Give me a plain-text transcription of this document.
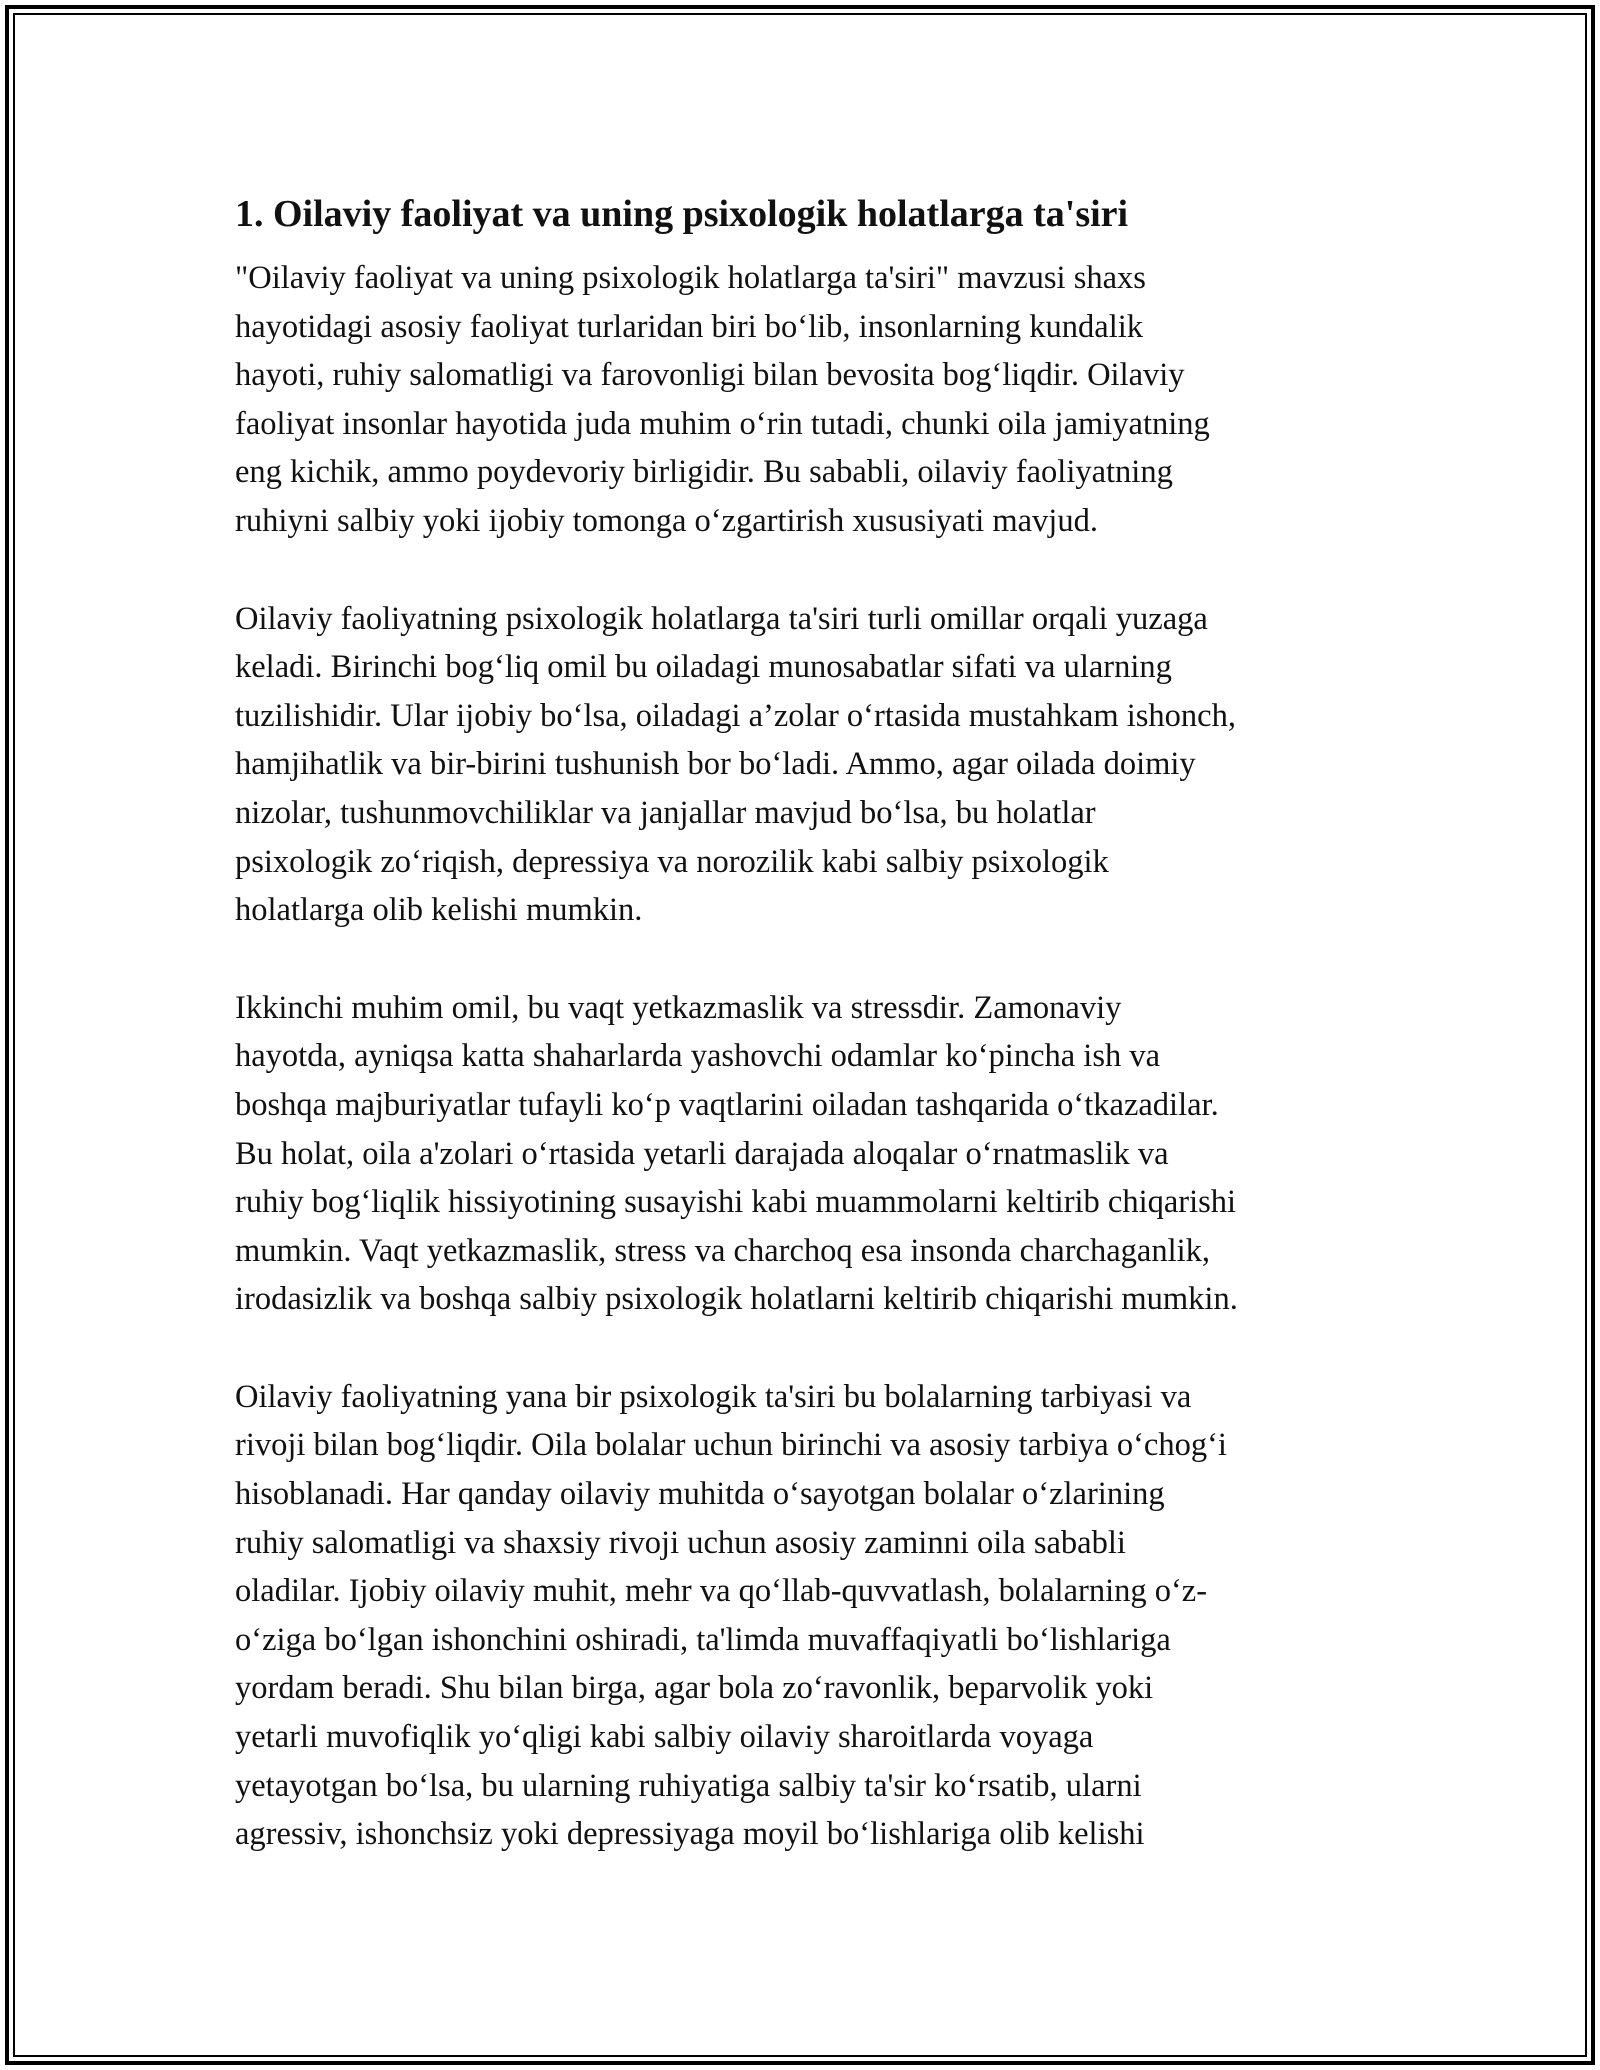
1. Oilaviy faoliyat va uning psixologik holatlarga ta'siri

"Oilaviy faoliyat va uning psixologik holatlarga ta'siri" mavzusi shaxs
hayotidagi asosiy faoliyat turlaridan biri bo‘lib, insonlarning kundalik
hayoti, ruhiy salomatligi va farovonligi bilan bevosita bog‘liqdir. Oilaviy
faoliyat insonlar hayotida juda muhim o‘rin tutadi, chunki oila jamiyatning
eng kichik, ammo poydevoriy birligidir. Bu sababli, oilaviy faoliyatning
ruhiyni salbiy yoki ijobiy tomonga o‘zgartirish xususiyati mavjud.

Oilaviy faoliyatning psixologik holatlarga ta'siri turli omillar orqali yuzaga
keladi. Birinchi bog‘liq omil bu oiladagi munosabatlar sifati va ularning
tuzilishidir. Ular ijobiy bo‘lsa, oiladagi a’zolar o‘rtasida mustahkam ishonch,
hamjihatlik va bir-birini tushunish bor bo‘ladi. Ammo, agar oilada doimiy
nizolar, tushunmovchiliklar va janjallar mavjud bo‘lsa, bu holatlar
psixologik zo‘riqish, depressiya va norozilik kabi salbiy psixologik
holatlarga olib kelishi mumkin.

Ikkinchi muhim omil, bu vaqt yetkazmaslik va stressdir. Zamonaviy
hayotda, ayniqsa katta shaharlarda yashovchi odamlar ko‘pincha ish va
boshqa majburiyatlar tufayli ko‘p vaqtlarini oiladan tashqarida o‘tkazadilar.
Bu holat, oila a'zolari o‘rtasida yetarli darajada aloqalar o‘rnatmaslik va
ruhiy bog‘liqlik hissiyotining susayishi kabi muammolarni keltirib chiqarishi
mumkin. Vaqt yetkazmaslik, stress va charchoq esa insonda charchaganlik,
irodasizlik va boshqa salbiy psixologik holatlarni keltirib chiqarishi mumkin.

Oilaviy faoliyatning yana bir psixologik ta'siri bu bolalarning tarbiyasi va
rivoji bilan bog‘liqdir. Oila bolalar uchun birinchi va asosiy tarbiya o‘chog‘i
hisoblanadi. Har qanday oilaviy muhitda o‘sayotgan bolalar o‘zlarining
ruhiy salomatligi va shaxsiy rivoji uchun asosiy zaminni oila sababli
oladilar. Ijobiy oilaviy muhit, mehr va qo‘llab-quvvatlash, bolalarning o‘z-
o‘ziga bo‘lgan ishonchini oshiradi, ta'limda muvaffaqiyatli bo‘lishlariga
yordam beradi. Shu bilan birga, agar bola zo‘ravonlik, beparvolik yoki
yetarli muvofiqlik yo‘qligi kabi salbiy oilaviy sharoitlarda voyaga
yetayotgan bo‘lsa, bu ularning ruhiyatiga salbiy ta'sir ko‘rsatib, ularni
agressiv, ishonchsiz yoki depressiyaga moyil bo‘lishlariga olib kelishi
